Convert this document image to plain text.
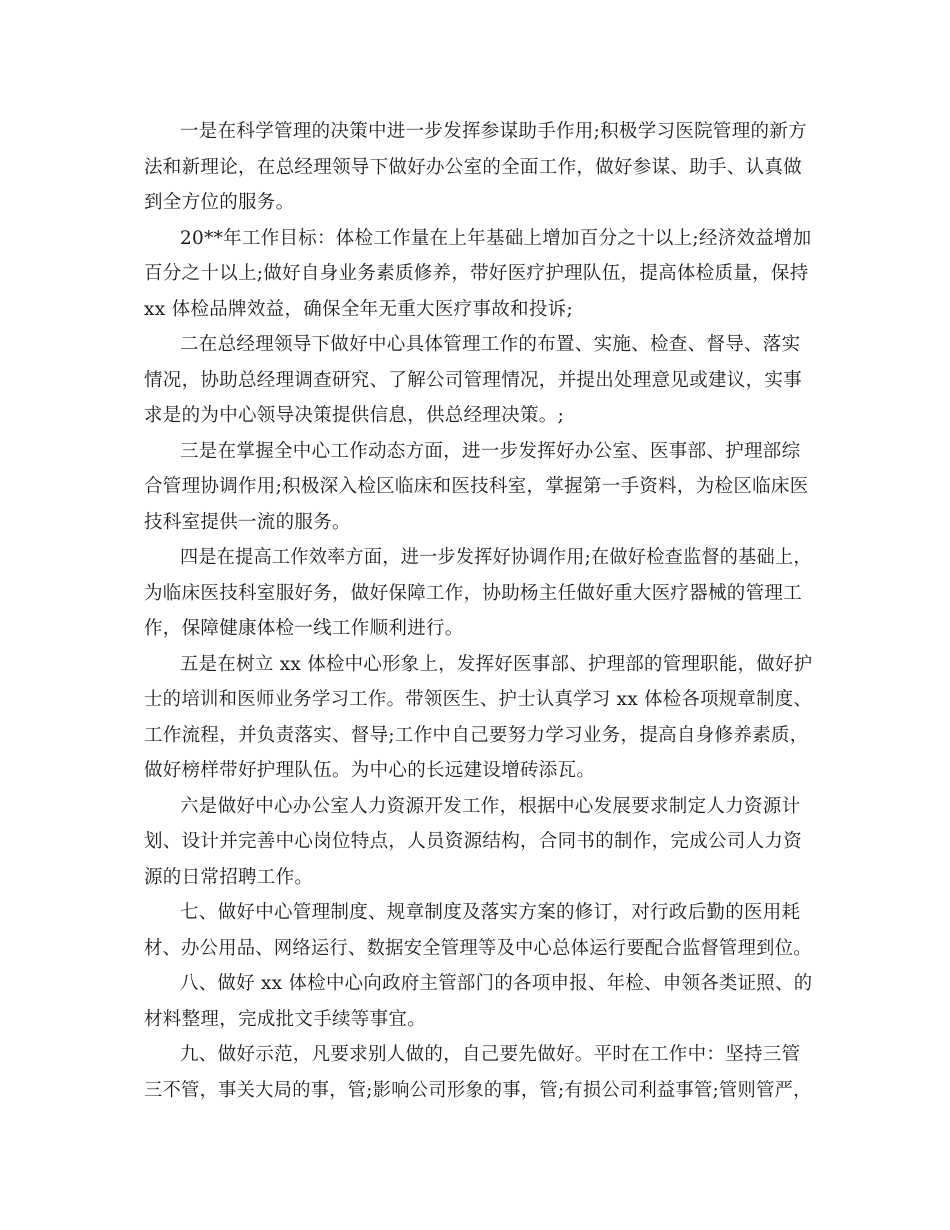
一是在科学管理的决策中进一步发挥参谋助手作用;积极学习医院管理的新方
法和新理论，在总经理领导下做好办公室的全面工作，做好参谋、助手、认真做
到全方位的服务。
20**年工作目标：体检工作量在上年基础上增加百分之十以上;经济效益增加
百分之十以上;做好自身业务素质修养，带好医疗护理队伍，提高体检质量，保持
xx 体检品牌效益，确保全年无重大医疗事故和投诉;
二在总经理领导下做好中心具体管理工作的布置、实施、检查、督导、落实
情况，协助总经理调查研究、了解公司管理情况，并提出处理意见或建议，实事
求是的为中心领导决策提供信息，供总经理决策。;
三是在掌握全中心工作动态方面，进一步发挥好办公室、医事部、护理部综
合管理协调作用;积极深入检区临床和医技科室，掌握第一手资料，为检区临床医
技科室提供一流的服务。
四是在提高工作效率方面，进一步发挥好协调作用;在做好检查监督的基础上，
为临床医技科室服好务，做好保障工作，协助杨主任做好重大医疗器械的管理工
作，保障健康体检一线工作顺利进行。
五是在树立 xx 体检中心形象上，发挥好医事部、护理部的管理职能，做好护
士的培训和医师业务学习工作。带领医生、护士认真学习 xx 体检各项规章制度、
工作流程，并负责落实、督导;工作中自己要努力学习业务，提高自身修养素质，
做好榜样带好护理队伍。为中心的长远建设增砖添瓦。
六是做好中心办公室人力资源开发工作，根据中心发展要求制定人力资源计
划、设计并完善中心岗位特点，人员资源结构，合同书的制作，完成公司人力资
源的日常招聘工作。
七、做好中心管理制度、规章制度及落实方案的修订，对行政后勤的医用耗
材、办公用品、网络运行、数据安全管理等及中心总体运行要配合监督管理到位。
八、做好 xx 体检中心向政府主管部门的各项申报、年检、申领各类证照、的
材料整理，完成批文手续等事宜。
九、做好示范，凡要求别人做的，自己要先做好。平时在工作中：坚持三管
三不管，事关大局的事，管;影响公司形象的事，管;有损公司利益事管;管则管严，
